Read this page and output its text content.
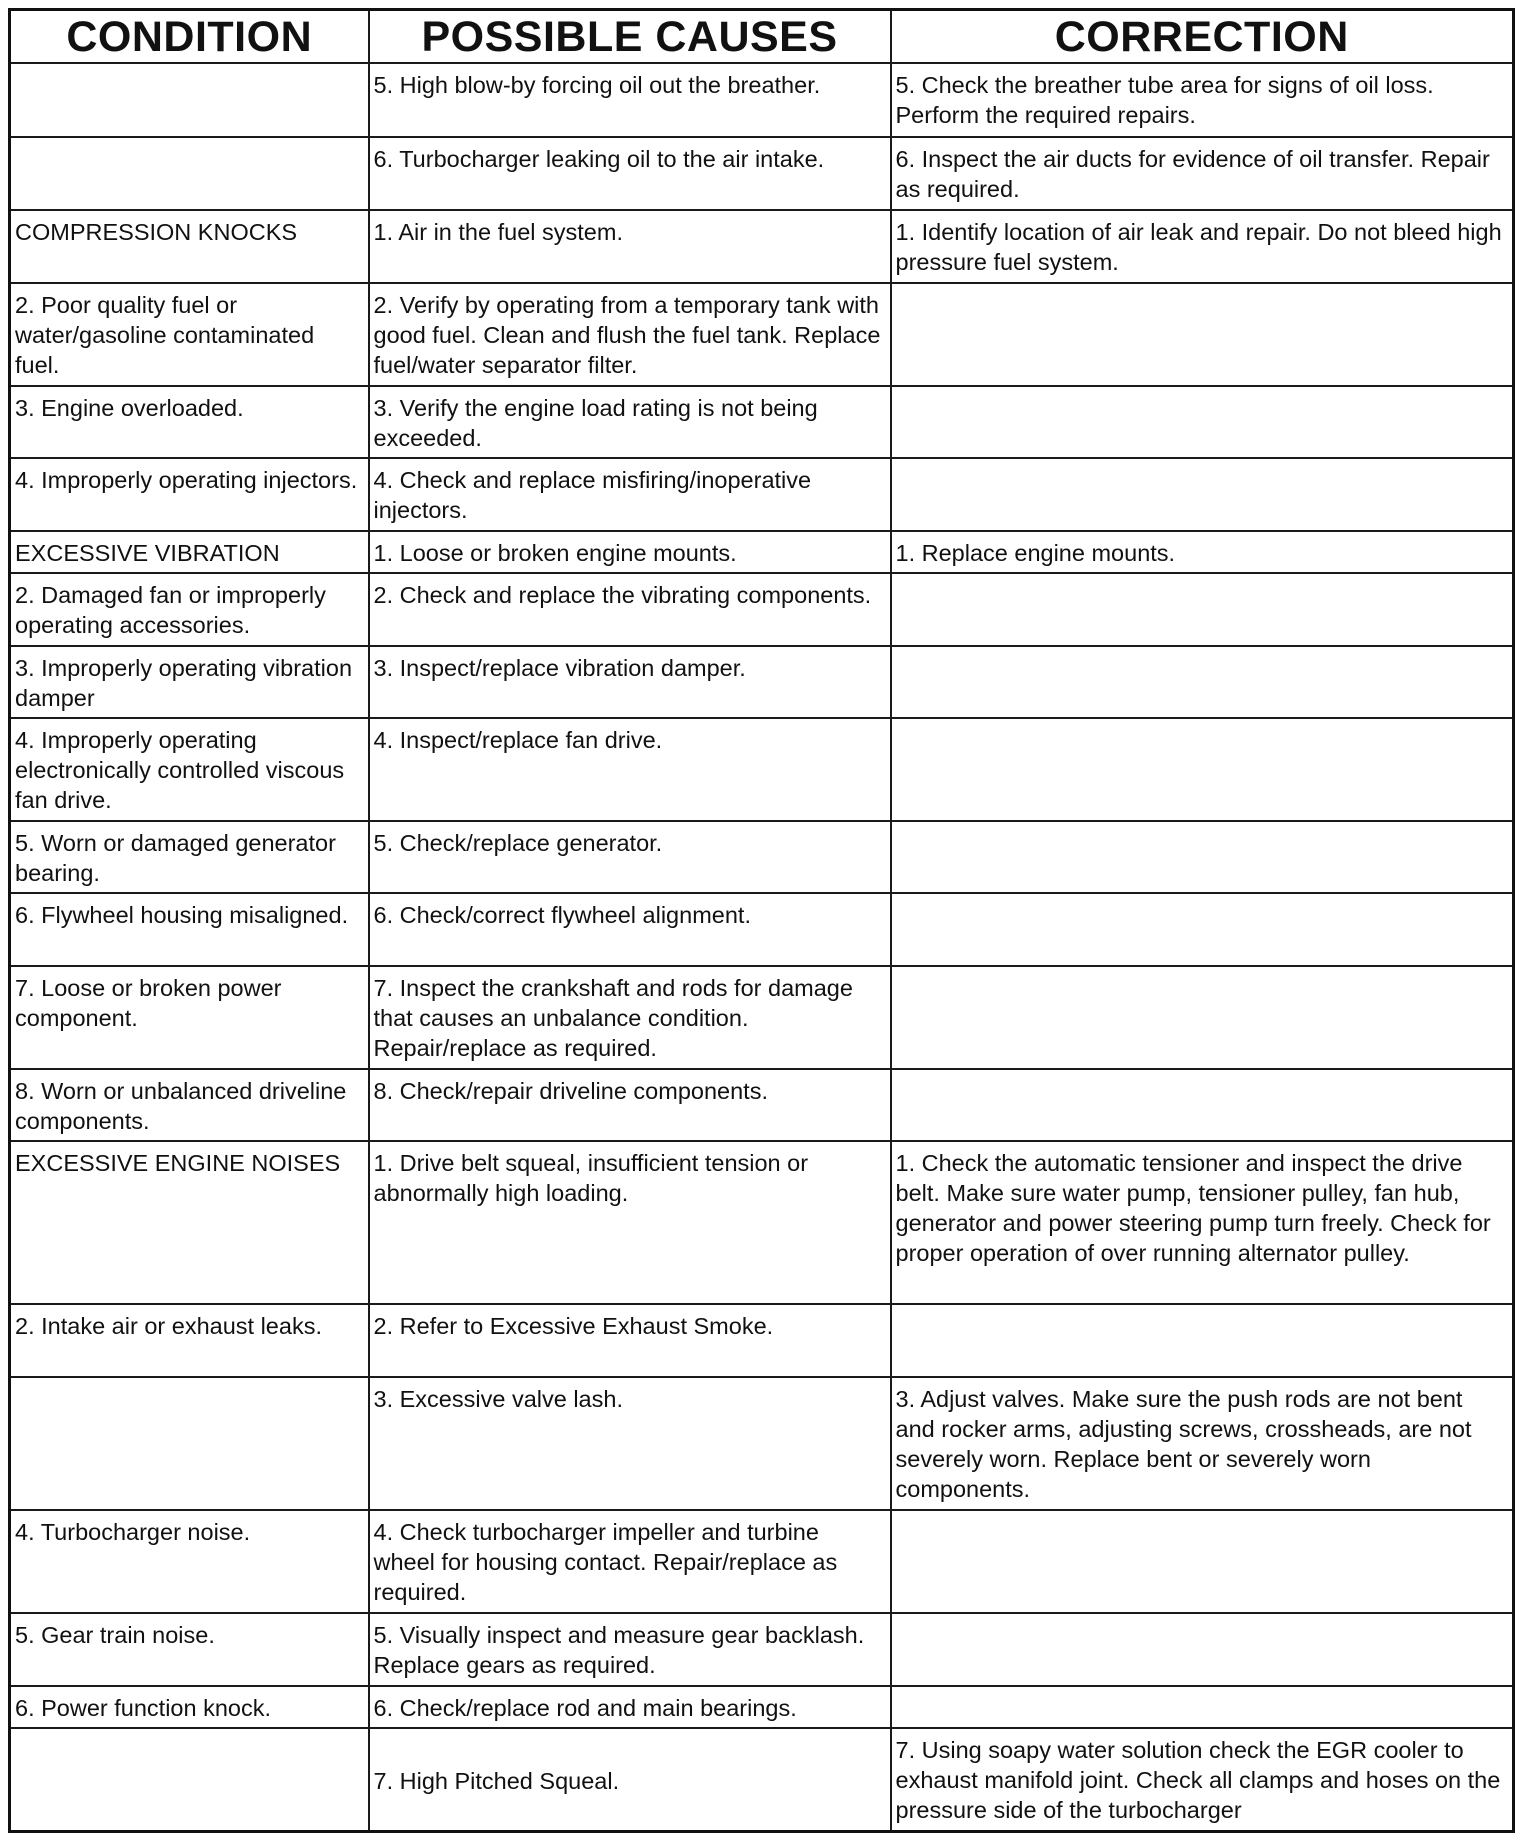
CONDITION	POSSIBLE CAUSES	CORRECTION
	5. High blow-by forcing oil out the breather.	5. Check the breather tube area for signs of oil loss. Perform the required repairs.
	6. Turbocharger leaking oil to the air intake.	6. Inspect the air ducts for evidence of oil transfer. Repair as required.
COMPRESSION KNOCKS	1. Air in the fuel system.	1. Identify location of air leak and repair. Do not bleed high pressure fuel system.
2. Poor quality fuel or water/gasoline contaminated fuel.	2. Verify by operating from a temporary tank with good fuel. Clean and flush the fuel tank. Replace fuel/water separator filter.	
3. Engine overloaded.	3. Verify the engine load rating is not being exceeded.	
4. Improperly operating injectors.	4. Check and replace misfiring/inoperative injectors.	
EXCESSIVE VIBRATION	1. Loose or broken engine mounts.	1. Replace engine mounts.
2. Damaged fan or improperly operating accessories.	2. Check and replace the vibrating components.	
3. Improperly operating vibration damper	3. Inspect/replace vibration damper.	
4. Improperly operating electronically controlled viscous fan drive.	4. Inspect/replace fan drive.	
5. Worn or damaged generator bearing.	5. Check/replace generator.	
6. Flywheel housing misaligned.	6. Check/correct flywheel alignment.	
7. Loose or broken power component.	7. Inspect the crankshaft and rods for damage that causes an unbalance condition. Repair/replace as required.	
8. Worn or unbalanced driveline components.	8. Check/repair driveline components.	
EXCESSIVE ENGINE NOISES	1. Drive belt squeal, insufficient tension or abnormally high loading.	1. Check the automatic tensioner and inspect the drive belt. Make sure water pump, tensioner pulley, fan hub, generator and power steering pump turn freely. Check for proper operation of over running alternator pulley.
2. Intake air or exhaust leaks.	2. Refer to Excessive Exhaust Smoke.	
	3. Excessive valve lash.	3. Adjust valves. Make sure the push rods are not bent and rocker arms, adjusting screws, crossheads, are not severely worn. Replace bent or severely worn components.
4. Turbocharger noise.	4. Check turbocharger impeller and turbine wheel for housing contact. Repair/replace as required.	
5. Gear train noise.	5. Visually inspect and measure gear backlash. Replace gears as required.	
6. Power function knock.	6. Check/replace rod and main bearings.	
	7. High Pitched Squeal.	7. Using soapy water solution check the EGR cooler to exhaust manifold joint. Check all clamps and hoses on the pressure side of the turbocharger
